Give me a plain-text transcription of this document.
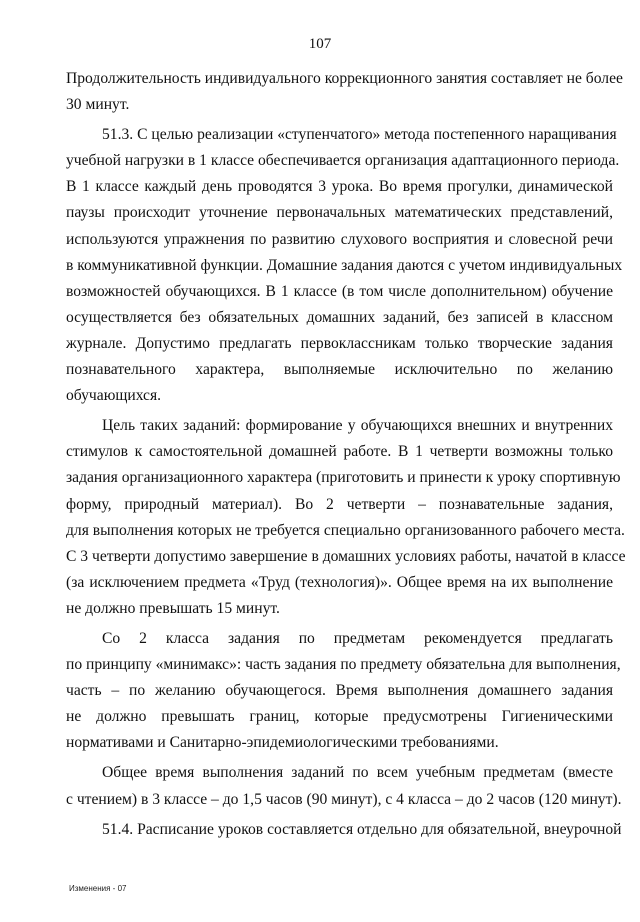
107

Продолжительность индивидуального коррекционного занятия составляет не более
30 минут.

51.3. С целью реализации «ступенчатого» метода постепенного наращивания
учебной нагрузки в 1 классе обеспечивается организация адаптационного периода.
В 1 классе каждый день проводятся 3 урока. Во время прогулки, динамической
паузы происходит уточнение первоначальных математических представлений,
используются упражнения по развитию слухового восприятия и словесной речи
в коммуникативной функции. Домашние задания даются с учетом индивидуальных
возможностей обучающихся. В 1 классе (в том числе дополнительном) обучение
осуществляется без обязательных домашних заданий, без записей в классном
журнале. Допустимо предлагать первоклассникам только творческие задания
познавательного характера, выполняемые исключительно по желанию
обучающихся.

Цель таких заданий: формирование у обучающихся внешних и внутренних
стимулов к самостоятельной домашней работе. В 1 четверти возможны только
задания организационного характера (приготовить и принести к уроку спортивную
форму, природный материал). Во 2 четверти – познавательные задания,
для выполнения которых не требуется специально организованного рабочего места.
С 3 четверти допустимо завершение в домашних условиях работы, начатой в классе
(за исключением предмета «Труд (технология)». Общее время на их выполнение
не должно превышать 15 минут.

Со 2 класса задания по предметам рекомендуется предлагать
по принципу «минимакс»: часть задания по предмету обязательна для выполнения,
часть – по желанию обучающегося. Время выполнения домашнего задания
не должно превышать границ, которые предусмотрены Гигиеническими
нормативами и Санитарно-эпидемиологическими требованиями.

Общее время выполнения заданий по всем учебным предметам (вместе
с чтением) в 3 классе – до 1,5 часов (90 минут), с 4 класса – до 2 часов (120 минут).

51.4. Расписание уроков составляется отдельно для обязательной, внеурочной

Изменения - 07
